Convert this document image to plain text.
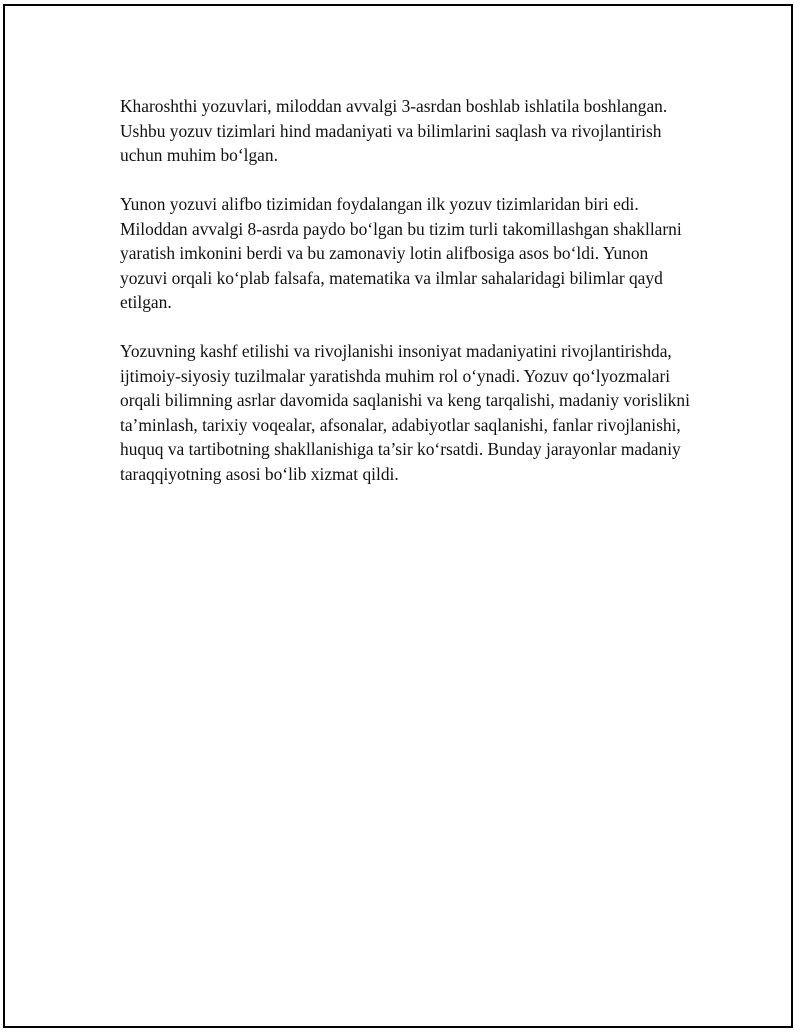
Kharoshthi yozuvlari, miloddan avvalgi 3-asrdan boshlab ishlatila boshlangan. Ushbu yozuv tizimlari hind madaniyati va bilimlarini saqlash va rivojlantirish uchun muhim bo‘lgan.

Yunon yozuvi alifbo tizimidan foydalangan ilk yozuv tizimlaridan biri edi. Miloddan avvalgi 8-asrda paydo bo‘lgan bu tizim turli takomillashgan shakllarni yaratish imkonini berdi va bu zamonaviy lotin alifbosiga asos bo‘ldi. Yunon yozuvi orqali ko‘plab falsafa, matematika va ilmlar sahalaridagi bilimlar qayd etilgan.

Yozuvning kashf etilishi va rivojlanishi insoniyat madaniyatini rivojlantirishda, ijtimoiy-siyosiy tuzilmalar yaratishda muhim rol o‘ynadi. Yozuv qo‘lyozmalari orqali bilimning asrlar davomida saqlanishi va keng tarqalishi, madaniy vorislikni ta’minlash, tarixiy voqealar, afsonalar, adabiyotlar saqlanishi, fanlar rivojlanishi, huquq va tartibotning shakllanishiga ta’sir ko‘rsatdi. Bunday jarayonlar madaniy taraqqiyotning asosi bo‘lib xizmat qildi.
